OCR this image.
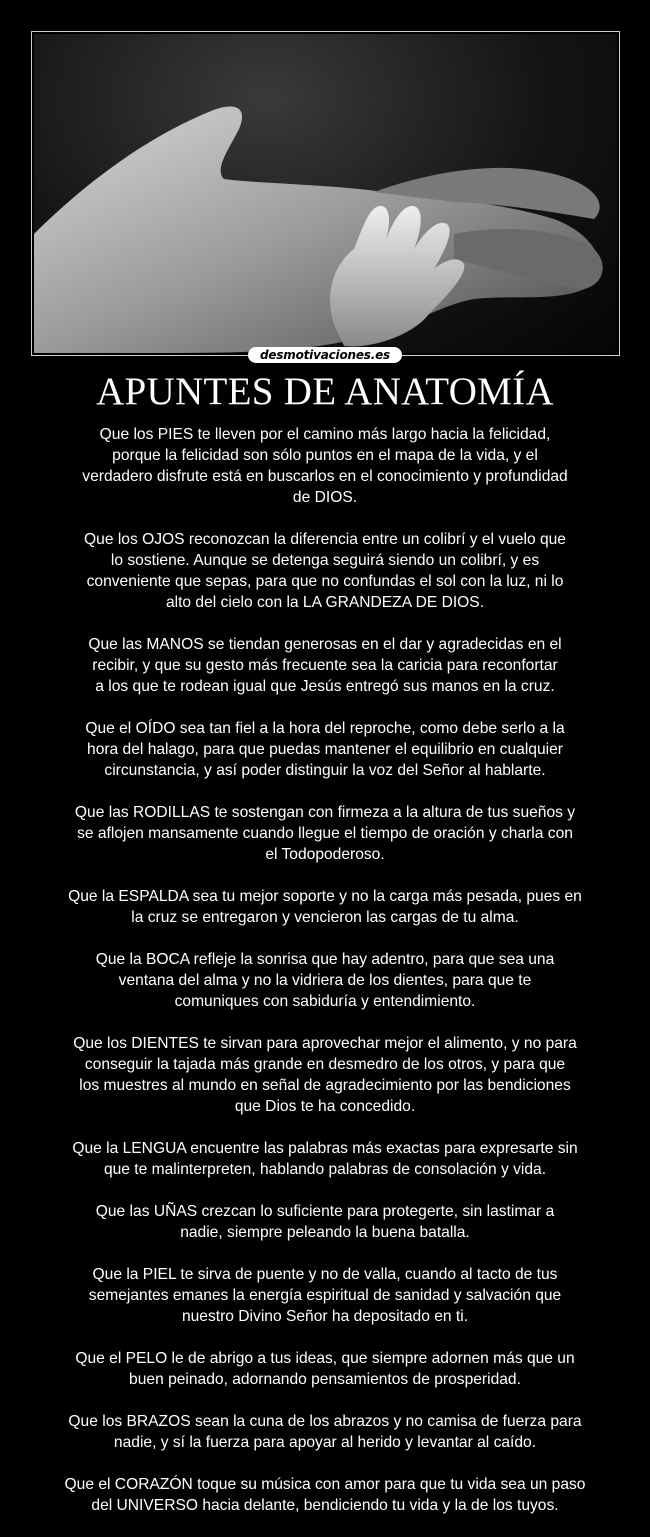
desmotivaciones.es
APUNTES DE ANATOMÍA

Que los PIES te lleven por el camino más largo hacia la felicidad,
porque la felicidad son sólo puntos en el mapa de la vida, y el
verdadero disfrute está en buscarlos en el conocimiento y profundidad
de DIOS.

Que los OJOS reconozcan la diferencia entre un colibrí y el vuelo que
lo sostiene. Aunque se detenga seguirá siendo un colibrí, y es
conveniente que sepas, para que no confundas el sol con la luz, ni lo
alto del cielo con la LA GRANDEZA DE DIOS.

Que las MANOS se tiendan generosas en el dar y agradecidas en el
recibir, y que su gesto más frecuente sea la caricia para reconfortar
a los que te rodean igual que Jesús entregó sus manos en la cruz.

Que el OÍDO sea tan fiel a la hora del reproche, como debe serlo a la
hora del halago, para que puedas mantener el equilibrio en cualquier
circunstancia, y así poder distinguir la voz del Señor al hablarte.

Que las RODILLAS te sostengan con firmeza a la altura de tus sueños y
se aflojen mansamente cuando llegue el tiempo de oración y charla con
el Todopoderoso.

Que la ESPALDA sea tu mejor soporte y no la carga más pesada, pues en
la cruz se entregaron y vencieron las cargas de tu alma.

Que la BOCA refleje la sonrisa que hay adentro, para que sea una
ventana del alma y no la vidriera de los dientes, para que te
comuniques con sabiduría y entendimiento.

Que los DIENTES te sirvan para aprovechar mejor el alimento, y no para
conseguir la tajada más grande en desmedro de los otros, y para que
los muestres al mundo en señal de agradecimiento por las bendiciones
que Dios te ha concedido.

Que la LENGUA encuentre las palabras más exactas para expresarte sin
que te malinterpreten, hablando palabras de consolación y vida.

Que las UÑAS crezcan lo suficiente para protegerte, sin lastimar a
nadie, siempre peleando la buena batalla.

Que la PIEL te sirva de puente y no de valla, cuando al tacto de tus
semejantes emanes la energía espiritual de sanidad y salvación que
nuestro Divino Señor ha depositado en ti.

Que el PELO le de abrigo a tus ideas, que siempre adornen más que un
buen peinado, adornando pensamientos de prosperidad.

Que los BRAZOS sean la cuna de los abrazos y no camisa de fuerza para
nadie, y sí la fuerza para apoyar al herido y levantar al caído.

Que el CORAZÓN toque su música con amor para que tu vida sea un paso
del UNIVERSO hacia delante, bendiciendo tu vida y la de los tuyos.
